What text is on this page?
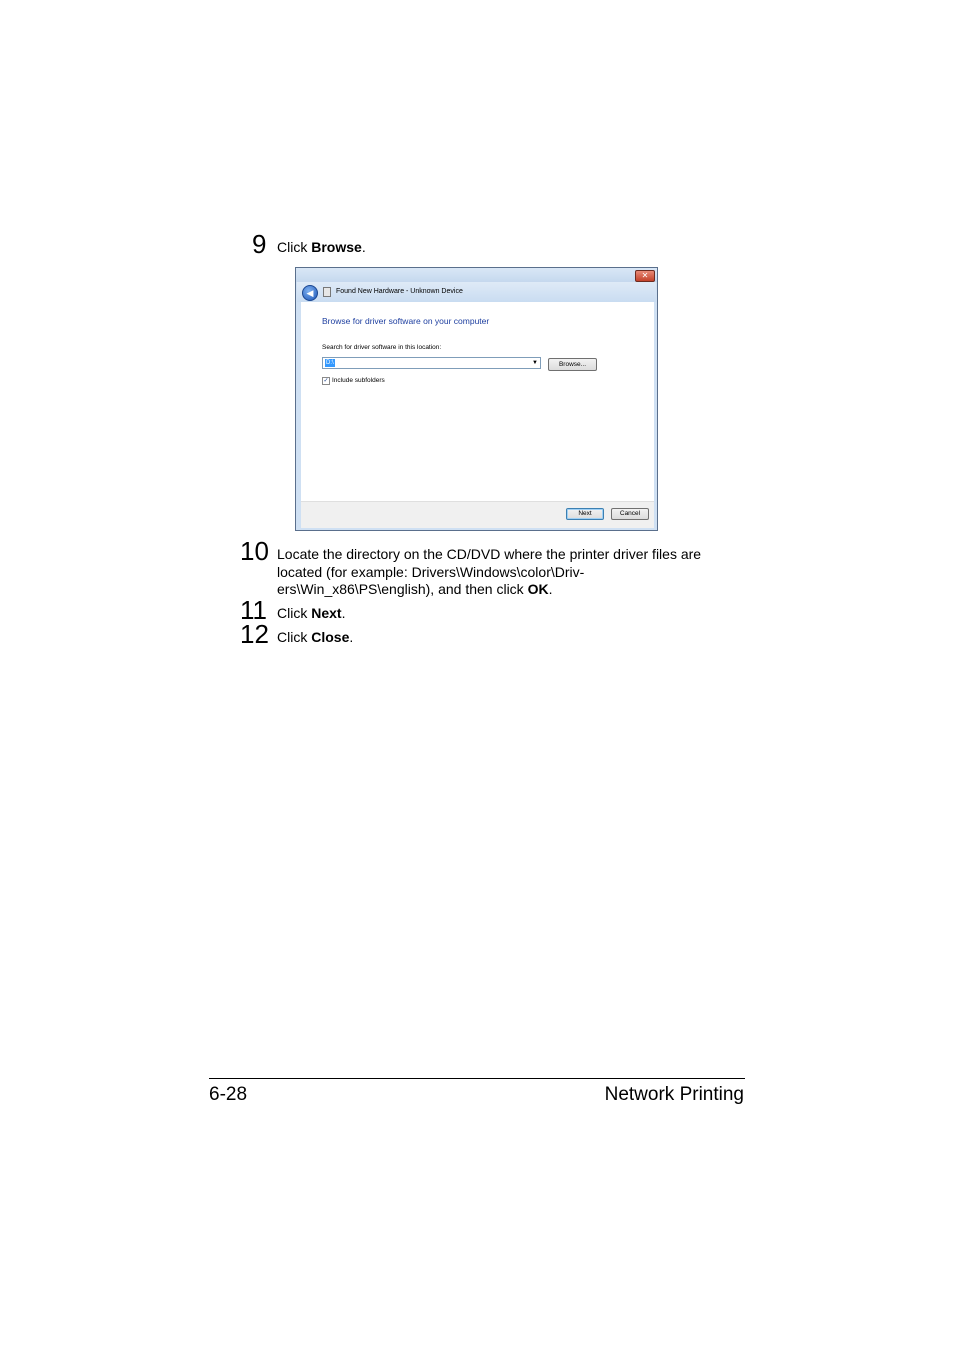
9 Click Browse.
✕
◀	Found New Hardware - Unknown Device
Browse for driver software on your computer
Search for driver software in this location:
D:\	▼	Browse...
✓ Include subfolders
Next	Cancel
10 Locate the directory on the CD/DVD where the printer driver files are
located (for example: Drivers\Windows\color\Driv-
ers\Win_x86\PS\english), and then click OK.
11 Click Next.
12 Click Close.
6-28	Network Printing
